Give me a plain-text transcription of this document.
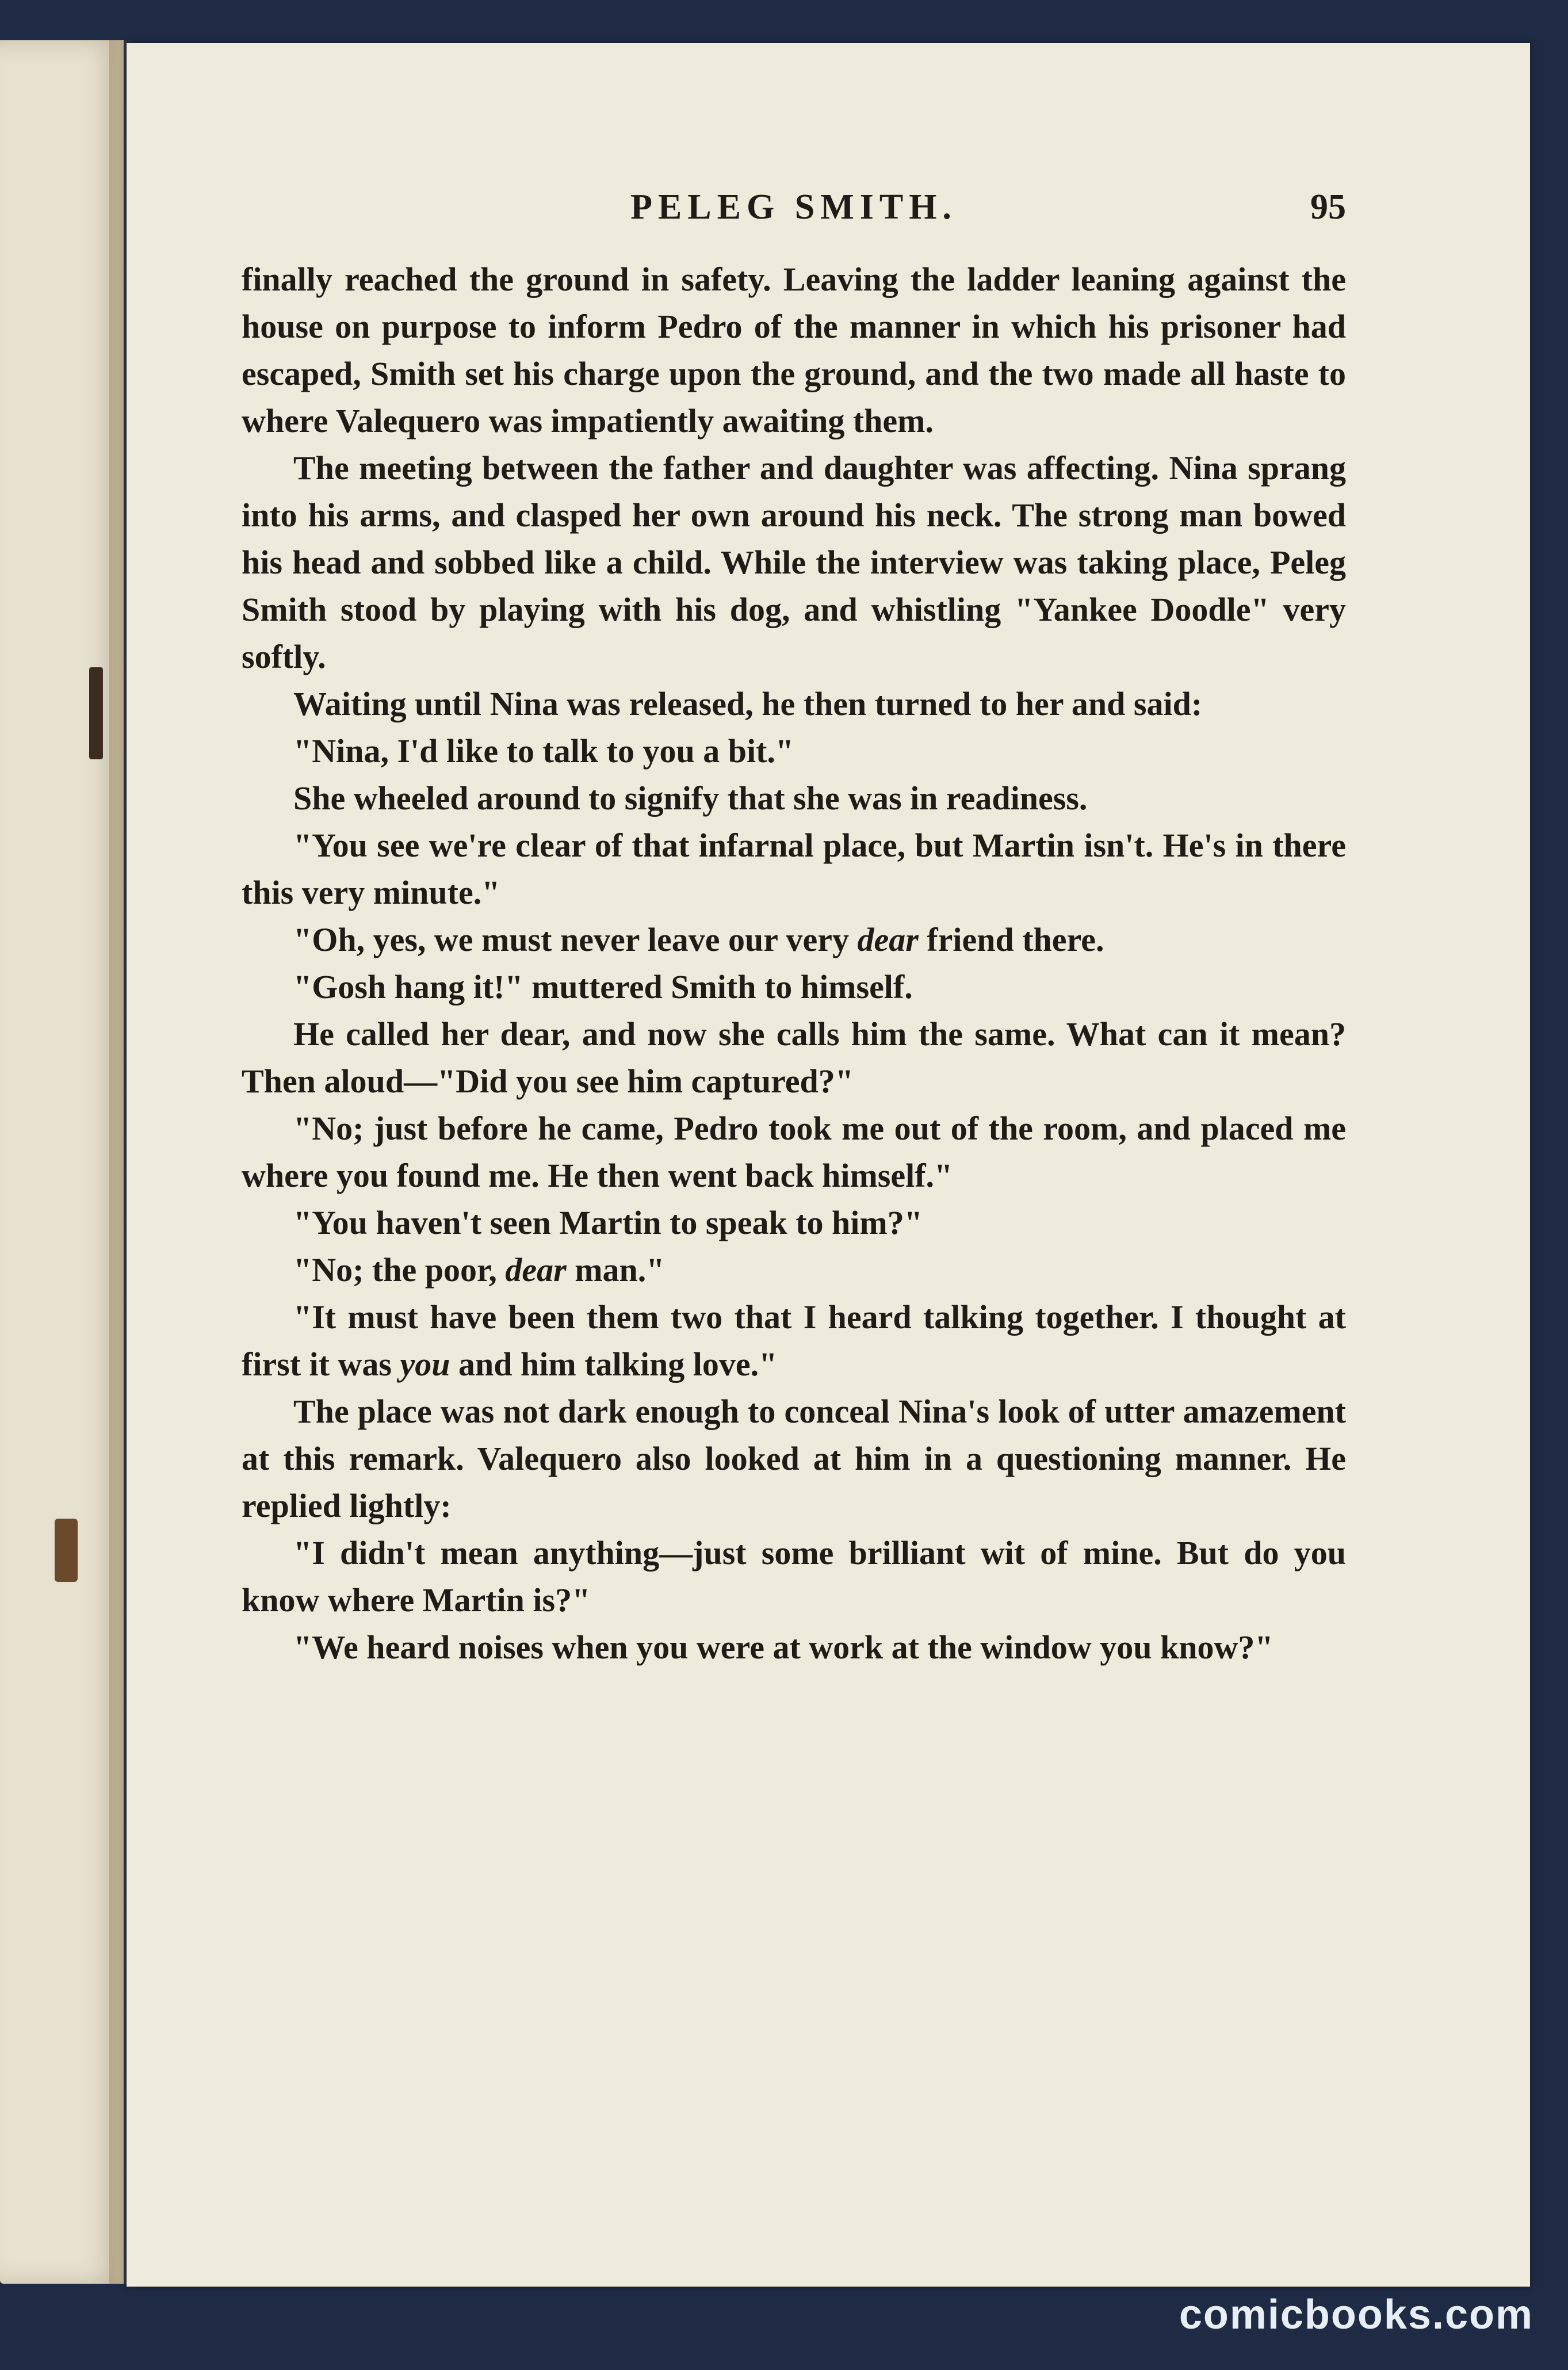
PELEG SMITH.	95

finally reached the ground in safety. Leaving the ladder leaning against the house on purpose to inform Pedro of the manner in which his prisoner had escaped, Smith set his charge upon the ground, and the two made all haste to where Valequero was impatiently awaiting them.

The meeting between the father and daughter was affecting. Nina sprang into his arms, and clasped her own around his neck. The strong man bowed his head and sobbed like a child. While the interview was taking place, Peleg Smith stood by playing with his dog, and whistling "Yankee Doodle" very softly.

Waiting until Nina was released, he then turned to her and said:

"Nina, I'd like to talk to you a bit."

She wheeled around to signify that she was in readiness.

"You see we're clear of that infarnal place, but Martin isn't. He's in there this very minute."

"Oh, yes, we must never leave our very dear friend there.

"Gosh hang it!" muttered Smith to himself.

He called her dear, and now she calls him the same. What can it mean? Then aloud—"Did you see him captured?"

"No; just before he came, Pedro took me out of the room, and placed me where you found me. He then went back himself."

"You haven't seen Martin to speak to him?"

"No; the poor, dear man."

"It must have been them two that I heard talking together. I thought at first it was you and him talking love."

The place was not dark enough to conceal Nina's look of utter amazement at this remark. Valequero also looked at him in a questioning manner. He replied lightly:

"I didn't mean anything—just some brilliant wit of mine. But do you know where Martin is?"

"We heard noises when you were at work at the window you know?"

comicbooks.com
